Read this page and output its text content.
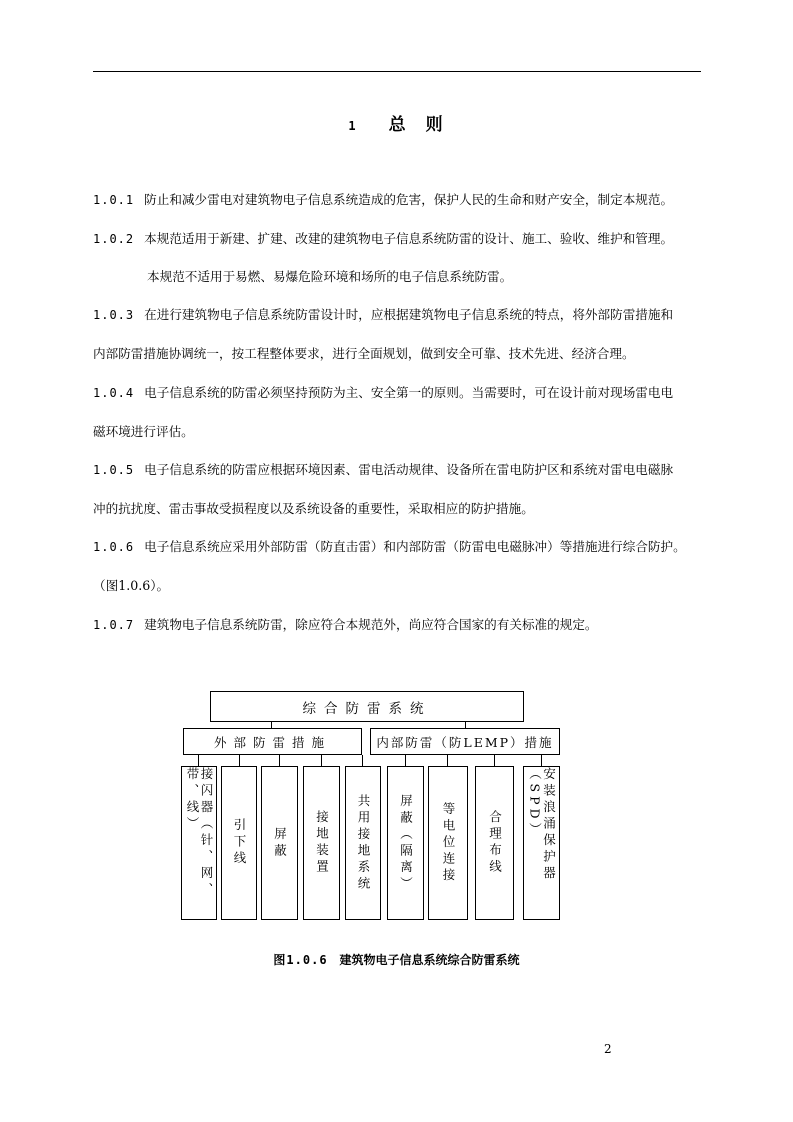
1 总 则
1.0.1 防止和减少雷电对建筑物电子信息系统造成的危害，保护人民的生命和财产安全，制定本规范。
1.0.2 本规范适用于新建、扩建、改建的建筑物电子信息系统防雷的设计、施工、验收、维护和管理。
本规范不适用于易燃、易爆危险环境和场所的电子信息系统防雷。
1.0.3 在进行建筑物电子信息系统防雷设计时，应根据建筑物电子信息系统的特点，将外部防雷措施和
内部防雷措施协调统一，按工程整体要求，进行全面规划，做到安全可靠、技术先进、经济合理。
1.0.4 电子信息系统的防雷必须坚持预防为主、安全第一的原则。当需要时，可在设计前对现场雷电电
磁环境进行评估。
1.0.5 电子信息系统的防雷应根据环境因素、雷电活动规律、设备所在雷电防护区和系统对雷电电磁脉
冲的抗扰度、雷击事故受损程度以及系统设备的重要性，采取相应的防护措施。
1.0.6 电子信息系统应采用外部防雷（防直击雷）和内部防雷（防雷电电磁脉冲）等措施进行综合防护。
（图1.0.6）。
1.0.7 建筑物电子信息系统防雷，除应符合本规范外，尚应符合国家的有关标准的规定。
综合防雷系统
外部防雷措施	内部防雷（防LEMP）措施
接闪器（针、网、带、线）
引下线 屏蔽 接地装置 共用接地系统 屏蔽（隔离） 等电位连接	合理布线	安装浪涌保护器（SPD）
图1.0.6 建筑物电子信息系统综合防雷系统
2
